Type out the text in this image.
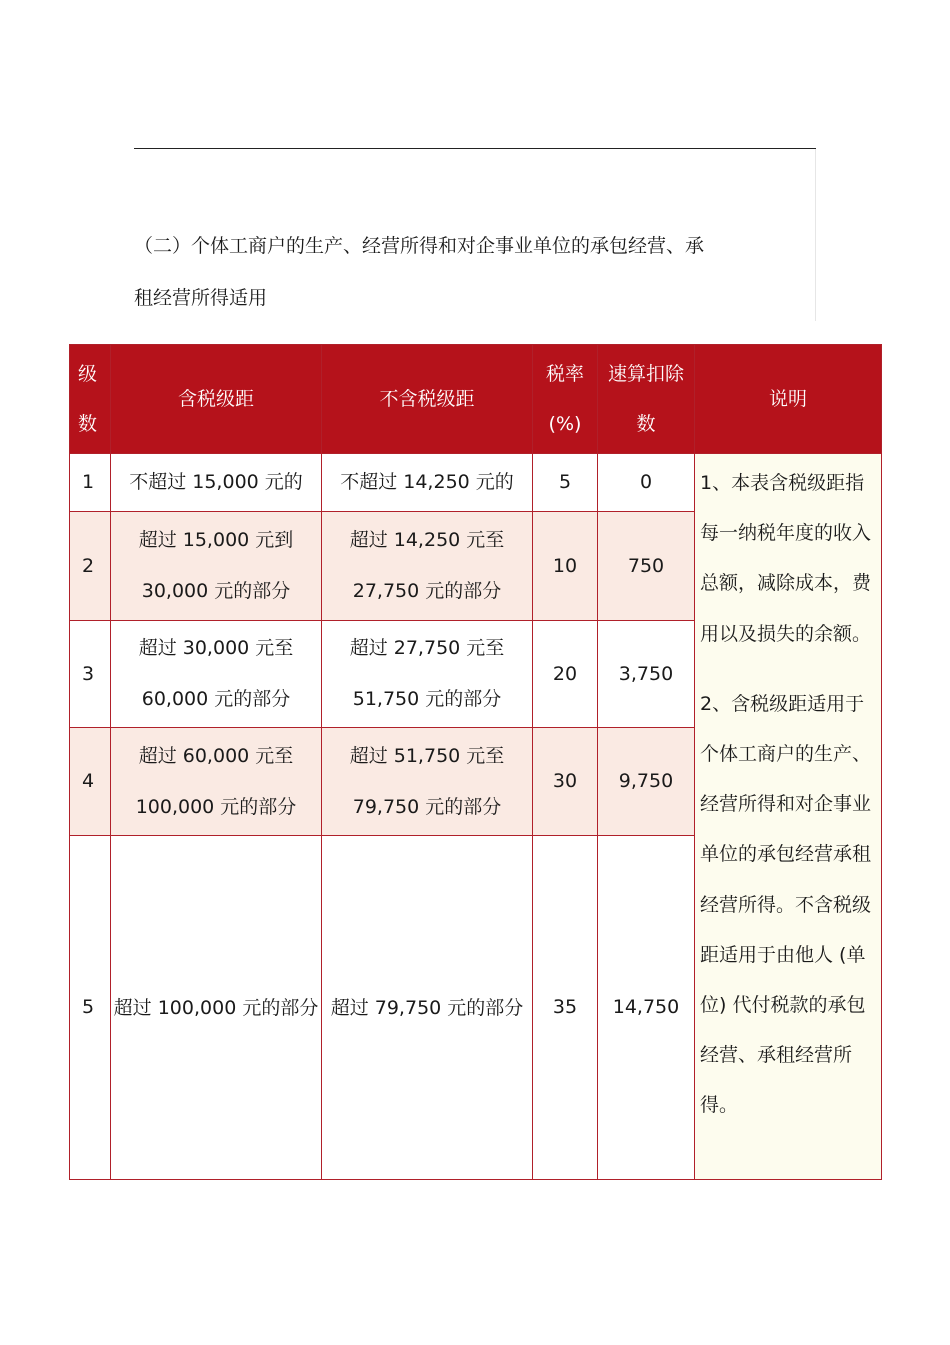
（二）个体工商户的生产、经营所得和对企事业单位的承包经营、承
租经营所得适用
级数	含税级距	不含税级距	税率(%)	速算扣除数	说明
1	不超过 15,000 元的	不超过 14,250 元的	5	0	1、本表含税级距指每一纳税年度的收入总额，减除成本，费用以及损失的余额。

2、含税级距适用于个体工商户的生产、经营所得和对企事业单位的承包经营承租经营所得。不含税级距适用于由他人 (单位) 代付税款的承包经营、承租经营所得。

2	超过 15,000 元到 30,000 元的部分	超过 14,250 元至 27,750 元的部分	10	750	
3	超过 30,000 元至 60,000 元的部分	超过 27,750 元至 51,750 元的部分	20	3,750	
4	超过 60,000 元至 100,000 元的部分	超过 51,750 元至 79,750 元的部分	30	9,750	
5	超过 100,000 元的部分	超过 79,750 元的部分	35	14,750	
